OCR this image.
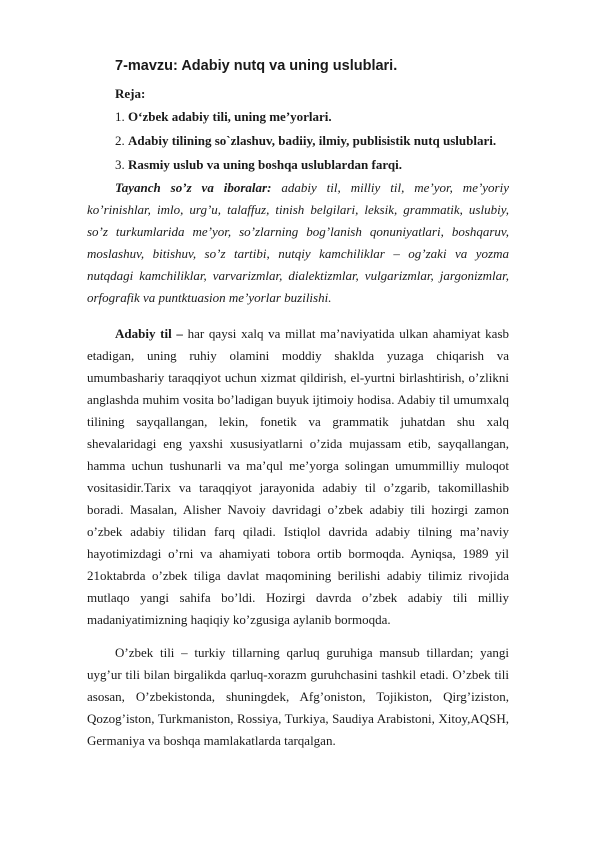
7-mavzu: Adabiy nutq va uning uslublari.
Reja:
1. O‘zbek adabiy tili, uning me’yorlari.
2. Adabiy tilining so`zlashuv, badiiy, ilmiy, publisistik nutq uslublari.
3. Rasmiy uslub va uning boshqa uslublardan farqi.

Tayanch so’z va iboralar: adabiy til, milliy til, me’yor, me’yoriy ko’rinishlar, imlo, urg’u, talaffuz, tinish belgilari, leksik, grammatik, uslubiy, so’z turkumlarida me’yor, so’zlarning bog’lanish qonuniyatlari, boshqaruv, moslashuv, bitishuv, so’z tartibi, nutqiy kamchiliklar – og’zaki va yozma nutqdagi kamchiliklar, varvarizmlar, dialektizmlar, vulgarizmlar, jargonizmlar, orfografik va puntktuasion me’yorlar buzilishi.

Adabiy til – har qaysi xalq va millat ma’naviyatida ulkan ahamiyat kasb etadigan, uning ruhiy olamini moddiy shaklda yuzaga chiqarish va umumbashariy taraqqiyot uchun xizmat qildirish, el-yurtni birlashtirish, o’zlikni anglashda muhim vosita bo’ladigan buyuk ijtimoiy hodisa. Adabiy til umumxalq tilining sayqallangan, lekin, fonetik va grammatik juhatdan shu xalq shevalaridagi eng yaxshi xususiyatlarni o’zida mujassam etib, sayqallangan, hamma uchun tushunarli va ma’qul me’yorga solingan umummilliy muloqot vositasidir.Tarix va taraqqiyot jarayonida adabiy til o’zgarib, takomillashib boradi. Masalan, Alisher Navoiy davridagi o’zbek adabiy tili hozirgi zamon o’zbek adabiy tilidan farq qiladi. Istiqlol davrida adabiy tilning ma’naviy hayotimizdagi o’rni va ahamiyati tobora ortib bormoqda. Ayniqsa, 1989 yil 21oktabrda o’zbek tiliga davlat maqomining berilishi adabiy tilimiz rivojida mutlaqo yangi sahifa bo’ldi. Hozirgi davrda o’zbek adabiy tili milliy madaniyatimizning haqiqiy ko’zgusiga aylanib bormoqda.

O’zbek tili – turkiy tillarning qarluq guruhiga mansub tillardan; yangi uyg’ur tili bilan birgalikda qarluq-xorazm guruhchasini tashkil etadi. O’zbek tili asosan, O’zbekistonda, shuningdek, Afg’oniston, Tojikiston, Qirg’iziston, Qozog’iston, Turkmaniston, Rossiya, Turkiya, Saudiya Arabistoni, Xitoy,AQSH, Germaniya va boshqa mamlakatlarda tarqalgan.
